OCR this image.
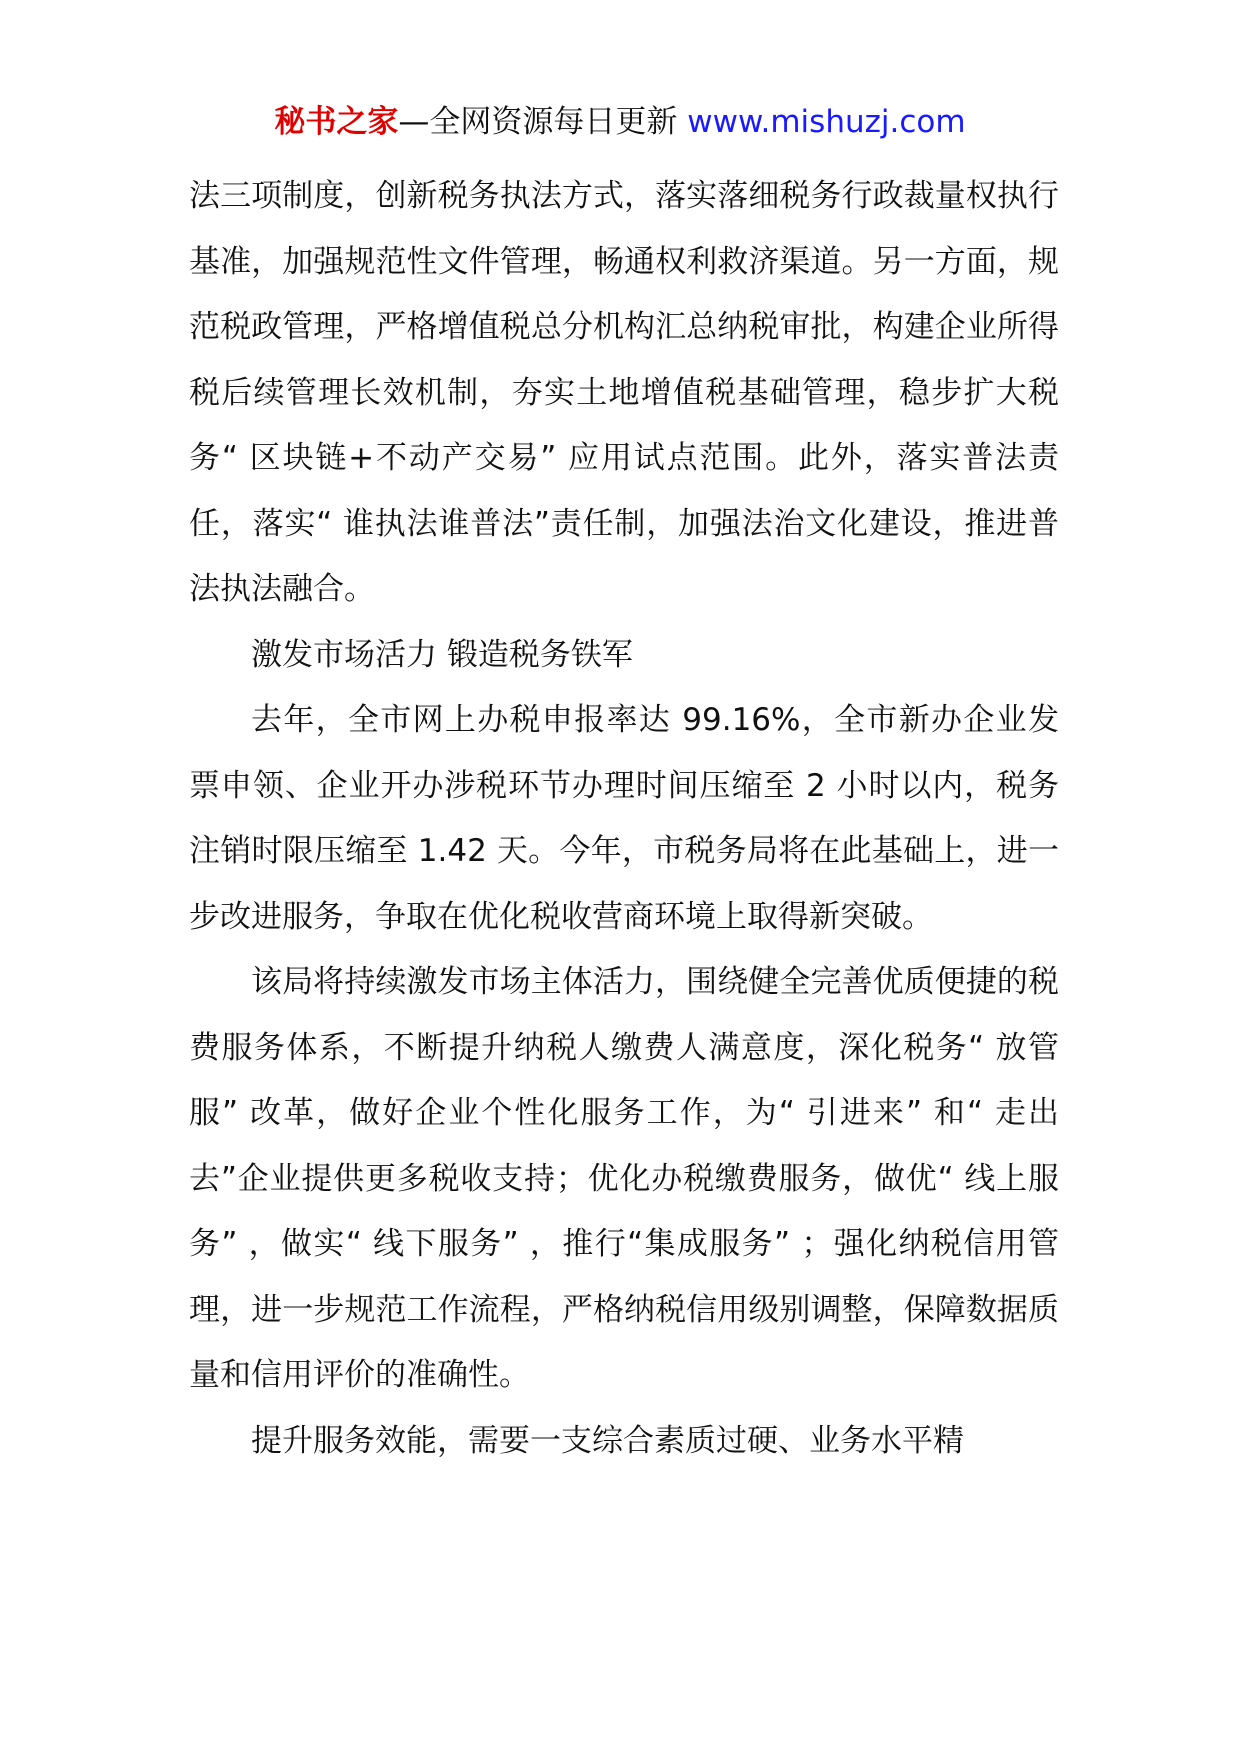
秘书之家—全网资源每日更新 www.mishuzj.com

法三项制度，创新税务执法方式，落实落细税务行政裁量权执行基准，加强规范性文件管理，畅通权利救济渠道。另一方面，规范税政管理，严格增值税总分机构汇总纳税审批，构建企业所得税后续管理长效机制，夯实土地增值税基础管理，稳步扩大税务“ 区块链+不动产交易” 应用试点范围。此外，落实普法责任，落实“ 谁执法谁普法”责任制，加强法治文化建设，推进普法执法融合。

激发市场活力 锻造税务铁军

去年，全市网上办税申报率达 99.16%，全市新办企业发票申领、企业开办涉税环节办理时间压缩至 2 小时以内，税务注销时限压缩至 1.42 天。今年，市税务局将在此基础上，进一步改进服务，争取在优化税收营商环境上取得新突破。

该局将持续激发市场主体活力，围绕健全完善优质便捷的税费服务体系，不断提升纳税人缴费人满意度，深化税务“ 放管服” 改革，做好企业个性化服务工作，为“ 引进来” 和“ 走出去”企业提供更多税收支持；优化办税缴费服务，做优“ 线上服务” ，做实“ 线下服务” ，推行“集成服务” ；强化纳税信用管理，进一步规范工作流程，严格纳税信用级别调整，保障数据质量和信用评价的准确性。

提升服务效能，需要一支综合素质过硬、业务水平精
